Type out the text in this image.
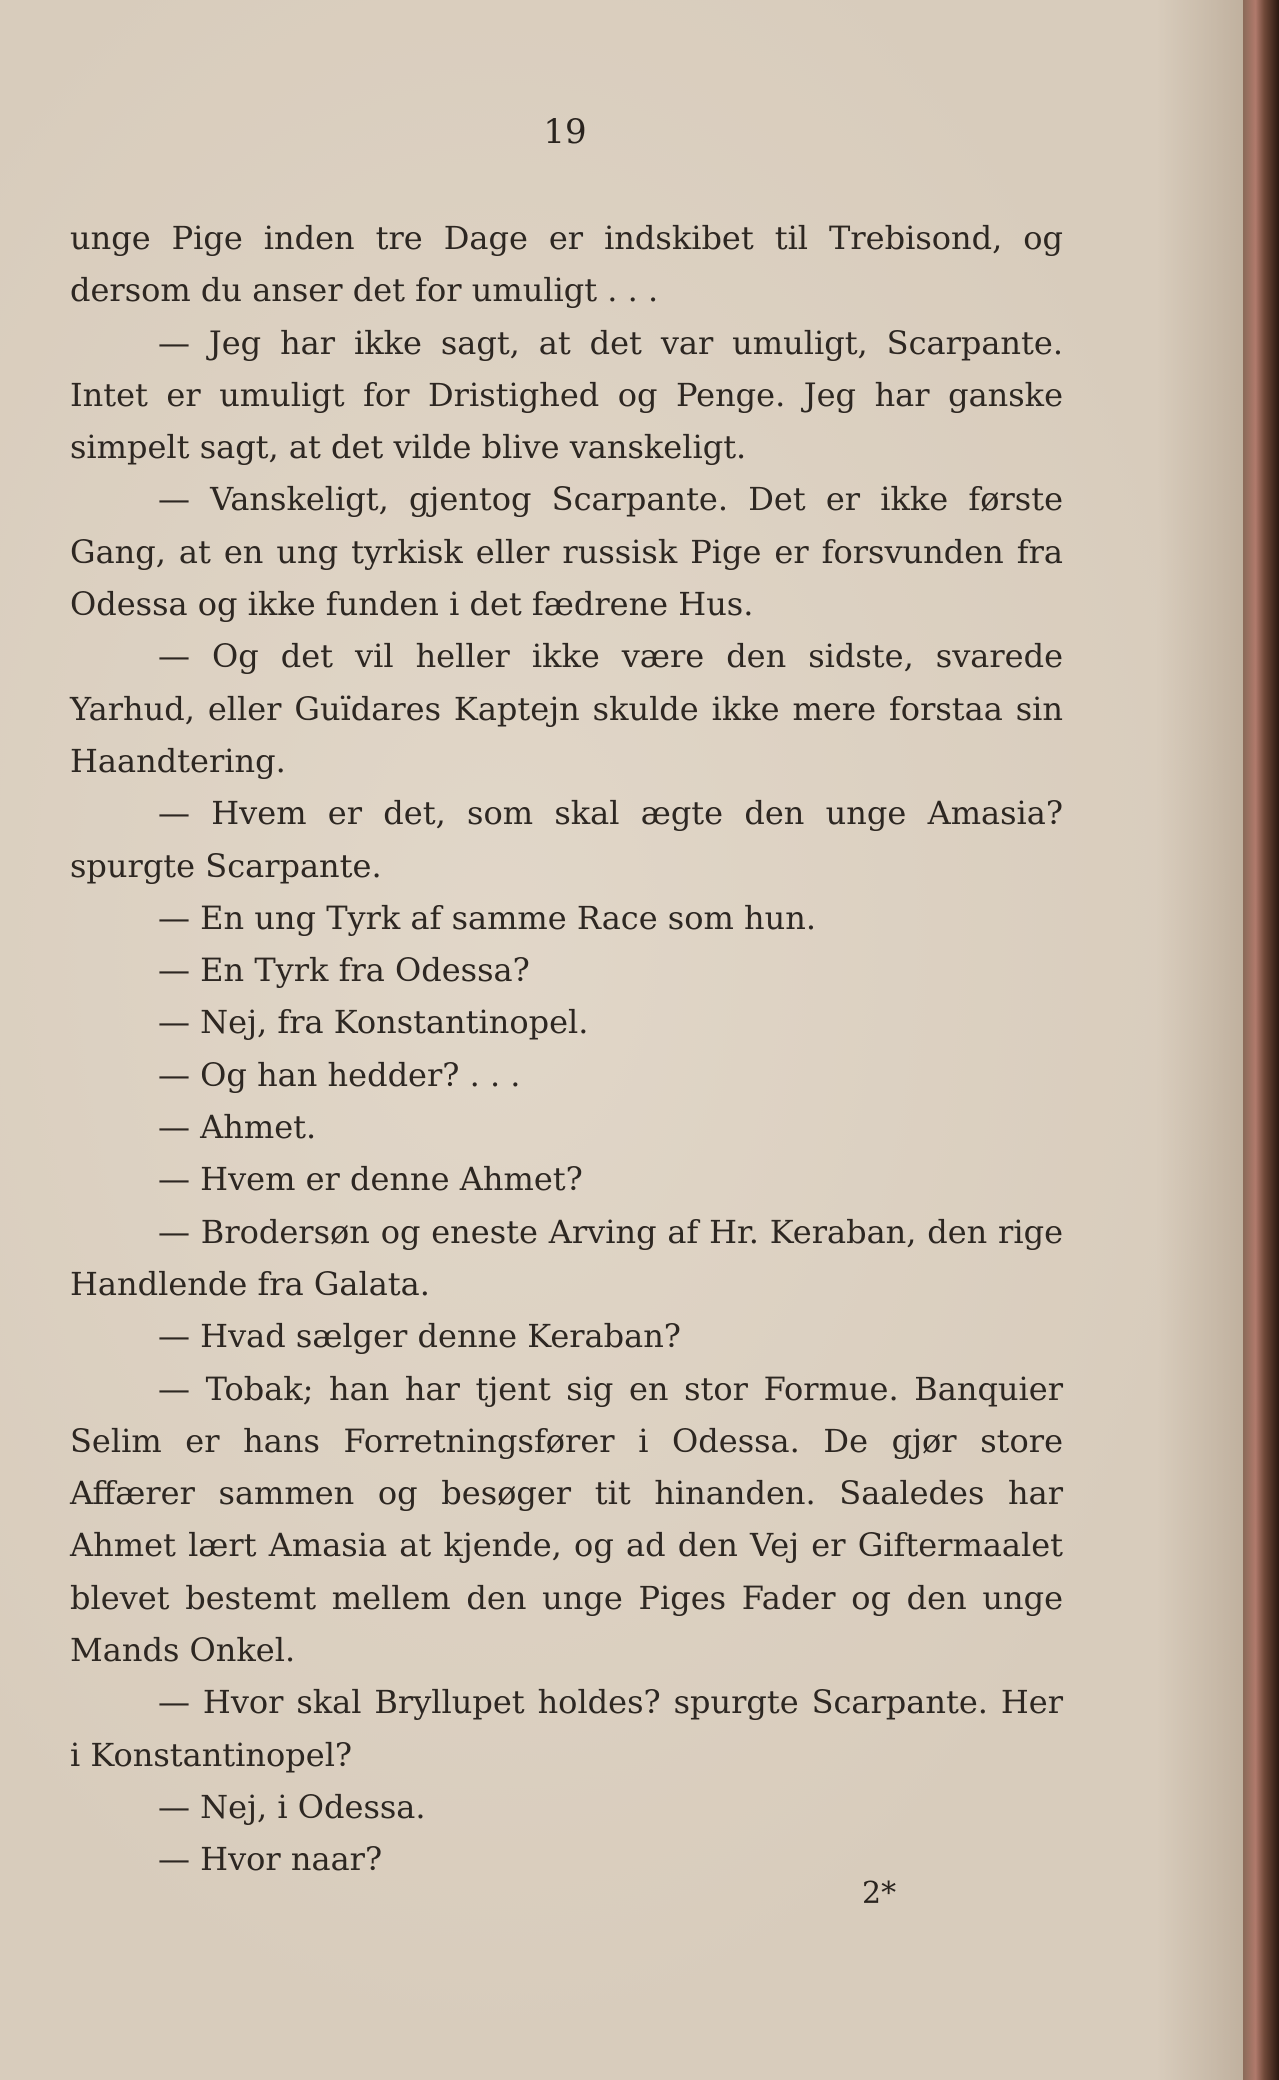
19

unge Pige inden tre Dage er indskibet til Trebisond, og dersom du anser det for umuligt . . .

— Jeg har ikke sagt, at det var umuligt, Scarpante. Intet er umuligt for Dristighed og Penge. Jeg har ganske simpelt sagt, at det vilde blive vanskeligt.

— Vanskeligt, gjentog Scarpante. Det er ikke første Gang, at en ung tyrkisk eller russisk Pige er forsvunden fra Odessa og ikke funden i det fædrene Hus.

— Og det vil heller ikke være den sidste, svarede Yarhud, eller Guïdares Kaptejn skulde ikke mere forstaa sin Haandtering.

— Hvem er det, som skal ægte den unge Amasia? spurgte Scarpante.

— En ung Tyrk af samme Race som hun.

— En Tyrk fra Odessa?

— Nej, fra Konstantinopel.

— Og han hedder? . . .

— Ahmet.

— Hvem er denne Ahmet?

— Brodersøn og eneste Arving af Hr. Keraban, den rige Handlende fra Galata.

— Hvad sælger denne Keraban?

— Tobak; han har tjent sig en stor Formue. Banquier Selim er hans Forretningsfører i Odessa. De gjør store Affærer sammen og besøger tit hinanden. Saaledes har Ahmet lært Amasia at kjende, og ad den Vej er Giftermaalet blevet bestemt mellem den unge Piges Fader og den unge Mands Onkel.

— Hvor skal Bryllupet holdes? spurgte Scarpante. Her i Konstantinopel?

— Nej, i Odessa.

— Hvor naar?

2*
